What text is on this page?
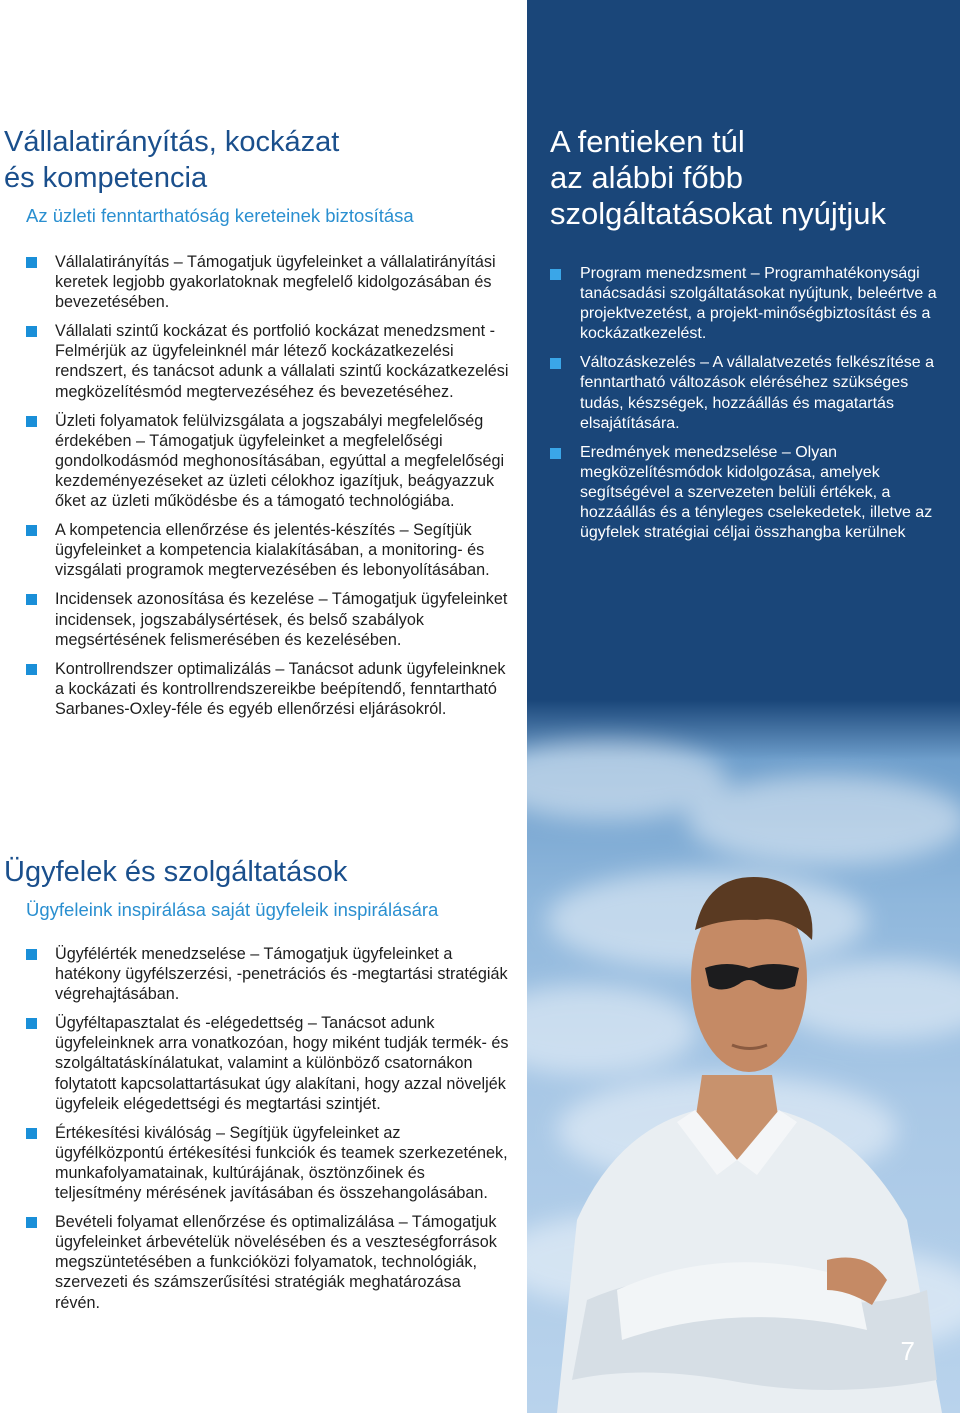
Vállalatirányítás, kockázat
és kompetencia
Az üzleti fenntarthatóság kereteinek biztosítása
Vállalatirányítás – Támogatjuk ügyfeleinket a vállalatirányítási keretek legjobb gyakorlatoknak megfelelő kidolgozásában és bevezetésében.
Vállalati szintű kockázat és portfolió kockázat menedzsment - Felmérjük az ügyfeleinknél már létező kockázatkezelési rendszert, és tanácsot adunk a vállalati szintű kockázatkezelési megközelítésmód megtervezéséhez és bevezetéséhez.
Üzleti folyamatok felülvizsgálata a jogszabályi megfelelőség érdekében – Támogatjuk ügyfeleinket a megfelelőségi gondolkodásmód meghonosításában, egyúttal a megfelelőségi kezdeményezéseket az üzleti célokhoz igazítjuk, beágyazzuk őket az üzleti működésbe és a támogató technológiába.
A kompetencia ellenőrzése és jelentés-készítés – Segítjük ügyfeleinket a kompetencia kialakításában, a monitoring- és vizsgálati programok megtervezésében és lebonyolításában.
Incidensek azonosítása és kezelése – Támogatjuk ügyfeleinket incidensek, jogszabálysértések, és belső szabályok megsértésének felismerésében és kezelésében.
Kontrollrendszer optimalizálás – Tanácsot adunk ügyfeleinknek a kockázati és kontrollrendszereikbe beépítendő, fenntartható Sarbanes-Oxley-féle és egyéb ellenőrzési eljárásokról.
Ügyfelek és szolgáltatások
Ügyfeleink inspirálása saját ügyfeleik inspirálására
Ügyfélérték menedzselése – Támogatjuk ügyfeleinket a hatékony ügyfélszerzési, -penetrációs és -megtartási stratégiák végrehajtásában.
Ügyféltapasztalat és -elégedettség – Tanácsot adunk ügyfeleinknek arra vonatkozóan, hogy miként tudják termék- és szolgáltatáskínálatukat, valamint a különböző csatornákon folytatott kapcsolattartásukat úgy alakítani, hogy azzal növeljék ügyfeleik elégedettségi és megtartási szintjét.
Értékesítési kiválóság – Segítjük ügyfeleinket az ügyfélközpontú értékesítési funkciók és teamek szerkezetének, munkafolyamatainak, kultúrájának, ösztönzőinek és teljesítmény mérésének javításában és összehangolásában.
Bevételi folyamat ellenőrzése és optimalizálása – Támogatjuk ügyfeleinket árbevételük növelésében és a veszteségforrások megszüntetésében a funkcióközi folyamatok, technológiák, szervezeti és számszerűsítési stratégiák meghatározása révén.
A fentieken túl
az alábbi főbb
szolgáltatásokat nyújtjuk
Program menedzsment – Programhatékonysági tanácsadási szolgáltatásokat nyújtunk, beleértve a projektvezetést, a projekt-minőségbiztosítást és a kockázatkezelést.
Változáskezelés – A vállalatvezetés felkészítése a fenntartható változások eléréséhez szükséges tudás, készségek, hozzáállás és magatartás elsajátítására.
Eredmények menedzselése – Olyan megközelítésmódok kidolgozása, amelyek segítségével a szervezeten belüli értékek, a hozzáállás és a tényleges cselekedetek, illetve az ügyfelek stratégiai céljai összhangba kerülnek
7
